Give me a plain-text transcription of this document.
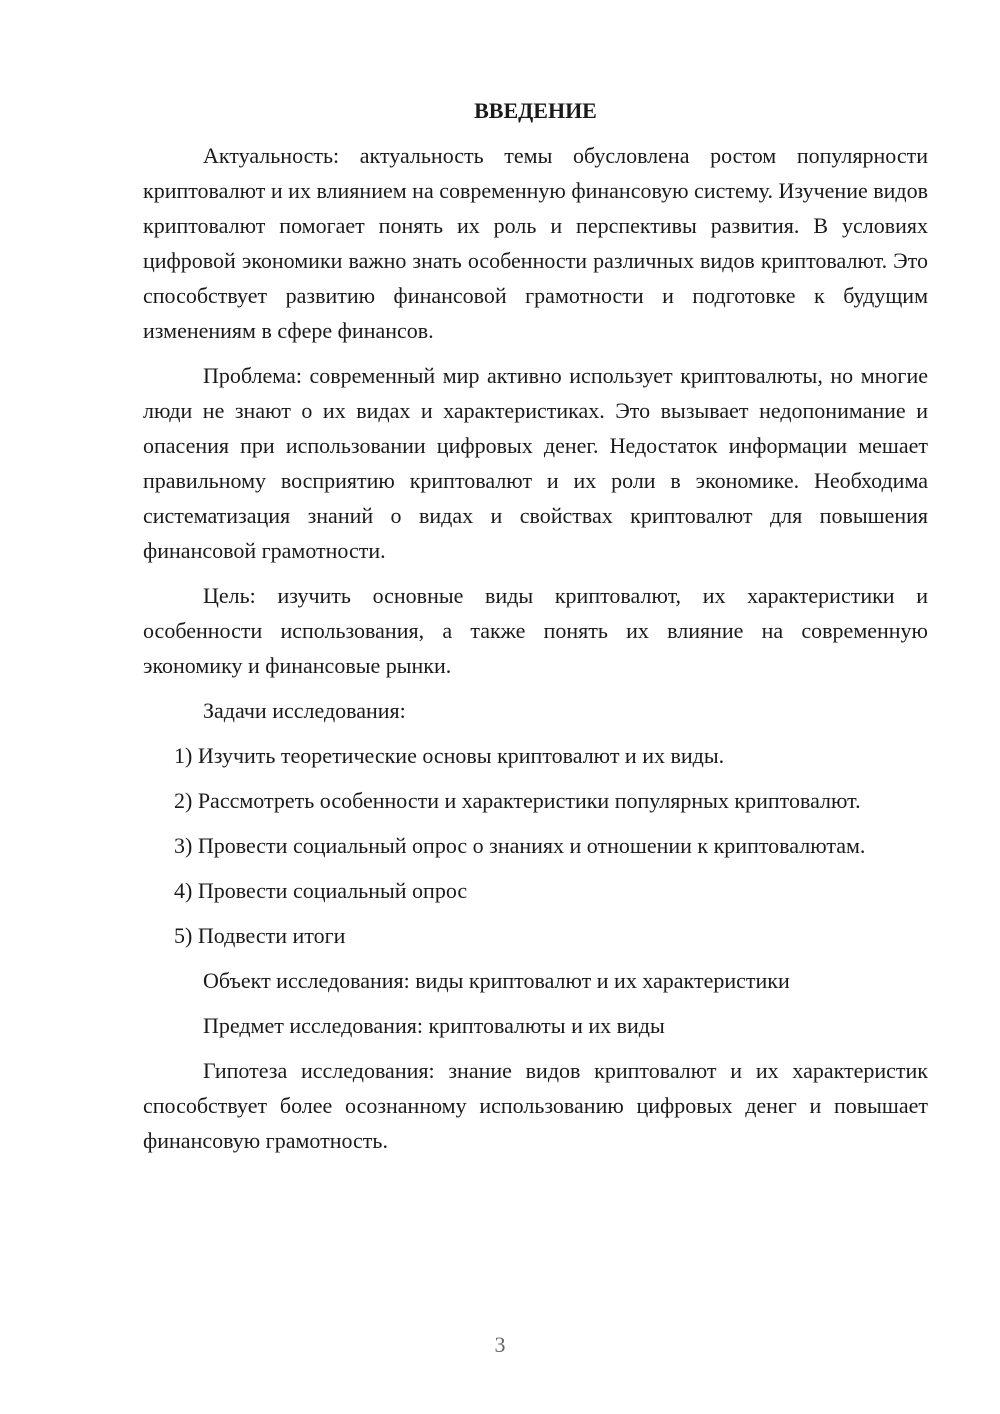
ВВЕДЕНИЕ

Актуальность: актуальность темы обусловлена ростом популярности криптовалют и их влиянием на современную финансовую систему. Изучение видов криптовалют помогает понять их роль и перспективы развития. В условиях цифровой экономики важно знать особенности различных видов криптовалют. Это способствует развитию финансовой грамотности и подготовке к будущим изменениям в сфере финансов.

Проблема: современный мир активно использует криптовалюты, но многие люди не знают о их видах и характеристиках. Это вызывает недопонимание и опасения при использовании цифровых денег. Недостаток информации мешает правильному восприятию криптовалют и их роли в экономике. Необходима систематизация знаний о видах и свойствах криптовалют для повышения финансовой грамотности.

Цель: изучить основные виды криптовалют, их характеристики и особенности использования, а также понять их влияние на современную экономику и финансовые рынки.

Задачи исследования:

1) Изучить теоретические основы криптовалют и их виды.

2) Рассмотреть особенности и характеристики популярных криптовалют.

3) Провести социальный опрос о знаниях и отношении к криптовалютам.

4) Провести социальный опрос

5) Подвести итоги

Объект исследования: виды криптовалют и их характеристики

Предмет исследования: криптовалюты и их виды

Гипотеза исследования: знание видов криптовалют и их характеристик способствует более осознанному использованию цифровых денег и повышает финансовую грамотность.

3
